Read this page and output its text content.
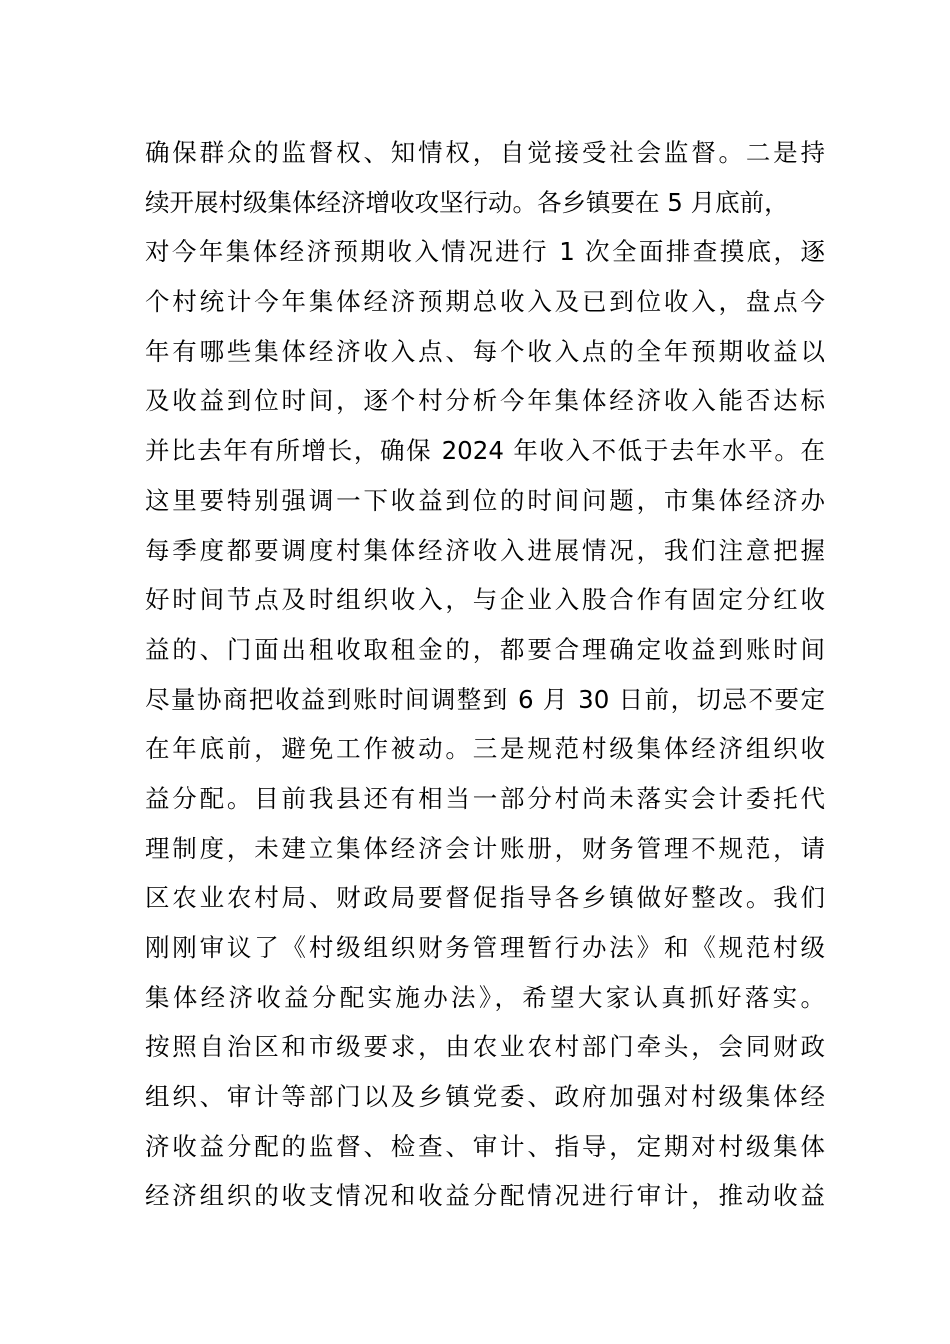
确保群众的监督权、知情权，自觉接受社会监督。二是持
续开展村级集体经济增收攻坚行动。各乡镇要在 5 月底前，
对今年集体经济预期收入情况进行 1 次全面排查摸底，逐
个村统计今年集体经济预期总收入及已到位收入，盘点今
年有哪些集体经济收入点、每个收入点的全年预期收益以
及收益到位时间，逐个村分析今年集体经济收入能否达标
并比去年有所增长，确保 2024 年收入不低于去年水平。在
这里要特别强调一下收益到位的时间问题，市集体经济办
每季度都要调度村集体经济收入进展情况，我们注意把握
好时间节点及时组织收入，与企业入股合作有固定分红收
益的、门面出租收取租金的，都要合理确定收益到账时间
尽量协商把收益到账时间调整到 6 月 30 日前，切忌不要定
在年底前，避免工作被动。三是规范村级集体经济组织收
益分配。目前我县还有相当一部分村尚未落实会计委托代
理制度，未建立集体经济会计账册，财务管理不规范，请
区农业农村局、财政局要督促指导各乡镇做好整改。我们
刚刚审议了《村级组织财务管理暂行办法》和《规范村级
集体经济收益分配实施办法》，希望大家认真抓好落实。
按照自治区和市级要求，由农业农村部门牵头，会同财政
组织、审计等部门以及乡镇党委、政府加强对村级集体经
济收益分配的监督、检查、审计、指导，定期对村级集体
经济组织的收支情况和收益分配情况进行审计，推动收益
